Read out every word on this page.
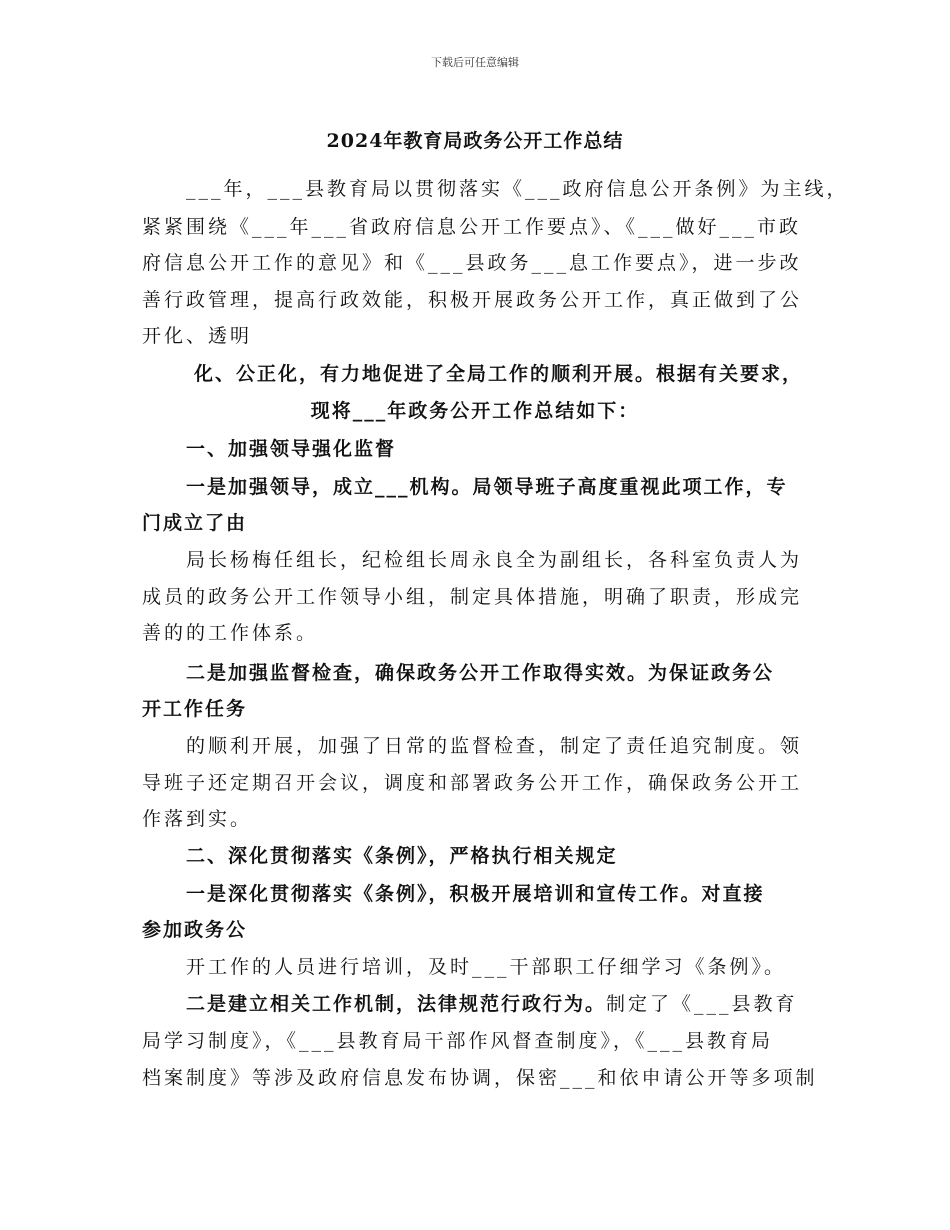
下载后可任意编辑
2024年教育局政务公开工作总结
___年，___县教育局以贯彻落实《___政府信息公开条例》为主线，
紧紧围绕《___年___省政府信息公开工作要点》、《___做好___市政
府信息公开工作的意见》和《___县政务___息工作要点》，进一步改
善行政管理，提高行政效能，积极开展政务公开工作，真正做到了公
开化、透明
化、公正化，有力地促进了全局工作的顺利开展。根据有关要求，
现将___年政务公开工作总结如下：
一、加强领导强化监督
一是加强领导，成立___机构。局领导班子高度重视此项工作，专
门成立了由
局长杨梅任组长，纪检组长周永良全为副组长，各科室负责人为
成员的政务公开工作领导小组，制定具体措施，明确了职责，形成完
善的的工作体系。
二是加强监督检查，确保政务公开工作取得实效。为保证政务公
开工作任务
的顺利开展，加强了日常的监督检查，制定了责任追究制度。领
导班子还定期召开会议，调度和部署政务公开工作，确保政务公开工
作落到实。
二、深化贯彻落实《条例》，严格执行相关规定
一是深化贯彻落实《条例》，积极开展培训和宣传工作。对直接
参加政务公
开工作的人员进行培训，及时___干部职工仔细学习《条例》。
二是建立相关工作机制，法律规范行政行为。制定了《___县教育
局学习制度》，《___县教育局干部作风督查制度》，《___县教育局
档案制度》等涉及政府信息发布协调，保密___和依申请公开等多项制
